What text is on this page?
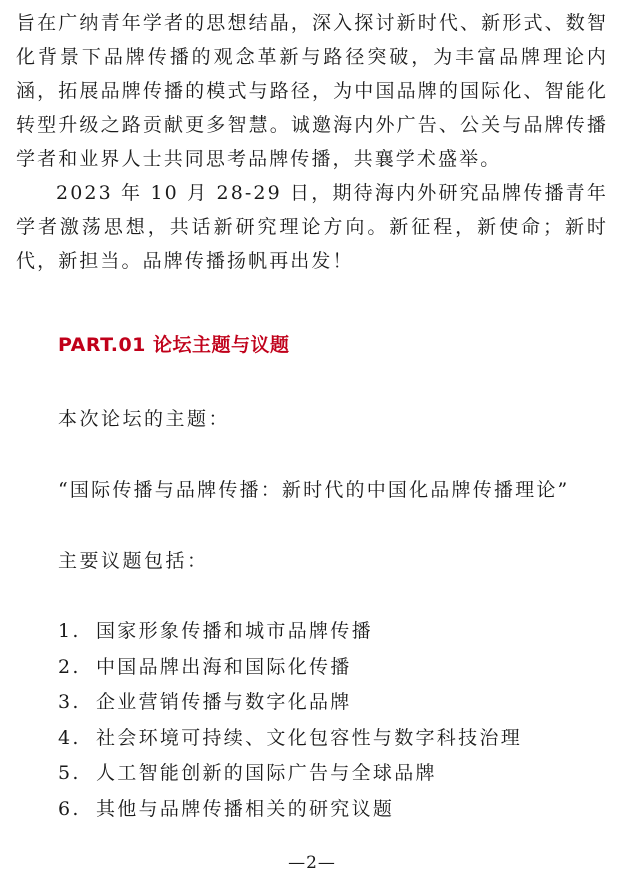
旨在广纳青年学者的思想结晶，深入探讨新时代、新形式、数智化背景下品牌传播的观念革新与路径突破，为丰富品牌理论内涵，拓展品牌传播的模式与路径，为中国品牌的国际化、智能化转型升级之路贡献更多智慧。诚邀海内外广告、公关与品牌传播学者和业界人士共同思考品牌传播，共襄学术盛举。

2023 年 10 月 28-29 日，期待海内外研究品牌传播青年学者激荡思想，共话新研究理论方向。新征程，新使命；新时代，新担当。品牌传播扬帆再出发！

PART.01 论坛主题与议题

本次论坛的主题：

“国际传播与品牌传播：新时代的中国化品牌传播理论”

主要议题包括：

1. 国家形象传播和城市品牌传播
2. 中国品牌出海和国际化传播
3. 企业营销传播与数字化品牌
4. 社会环境可持续、文化包容性与数字科技治理
5. 人工智能创新的国际广告与全球品牌
6. 其他与品牌传播相关的研究议题

—2—
